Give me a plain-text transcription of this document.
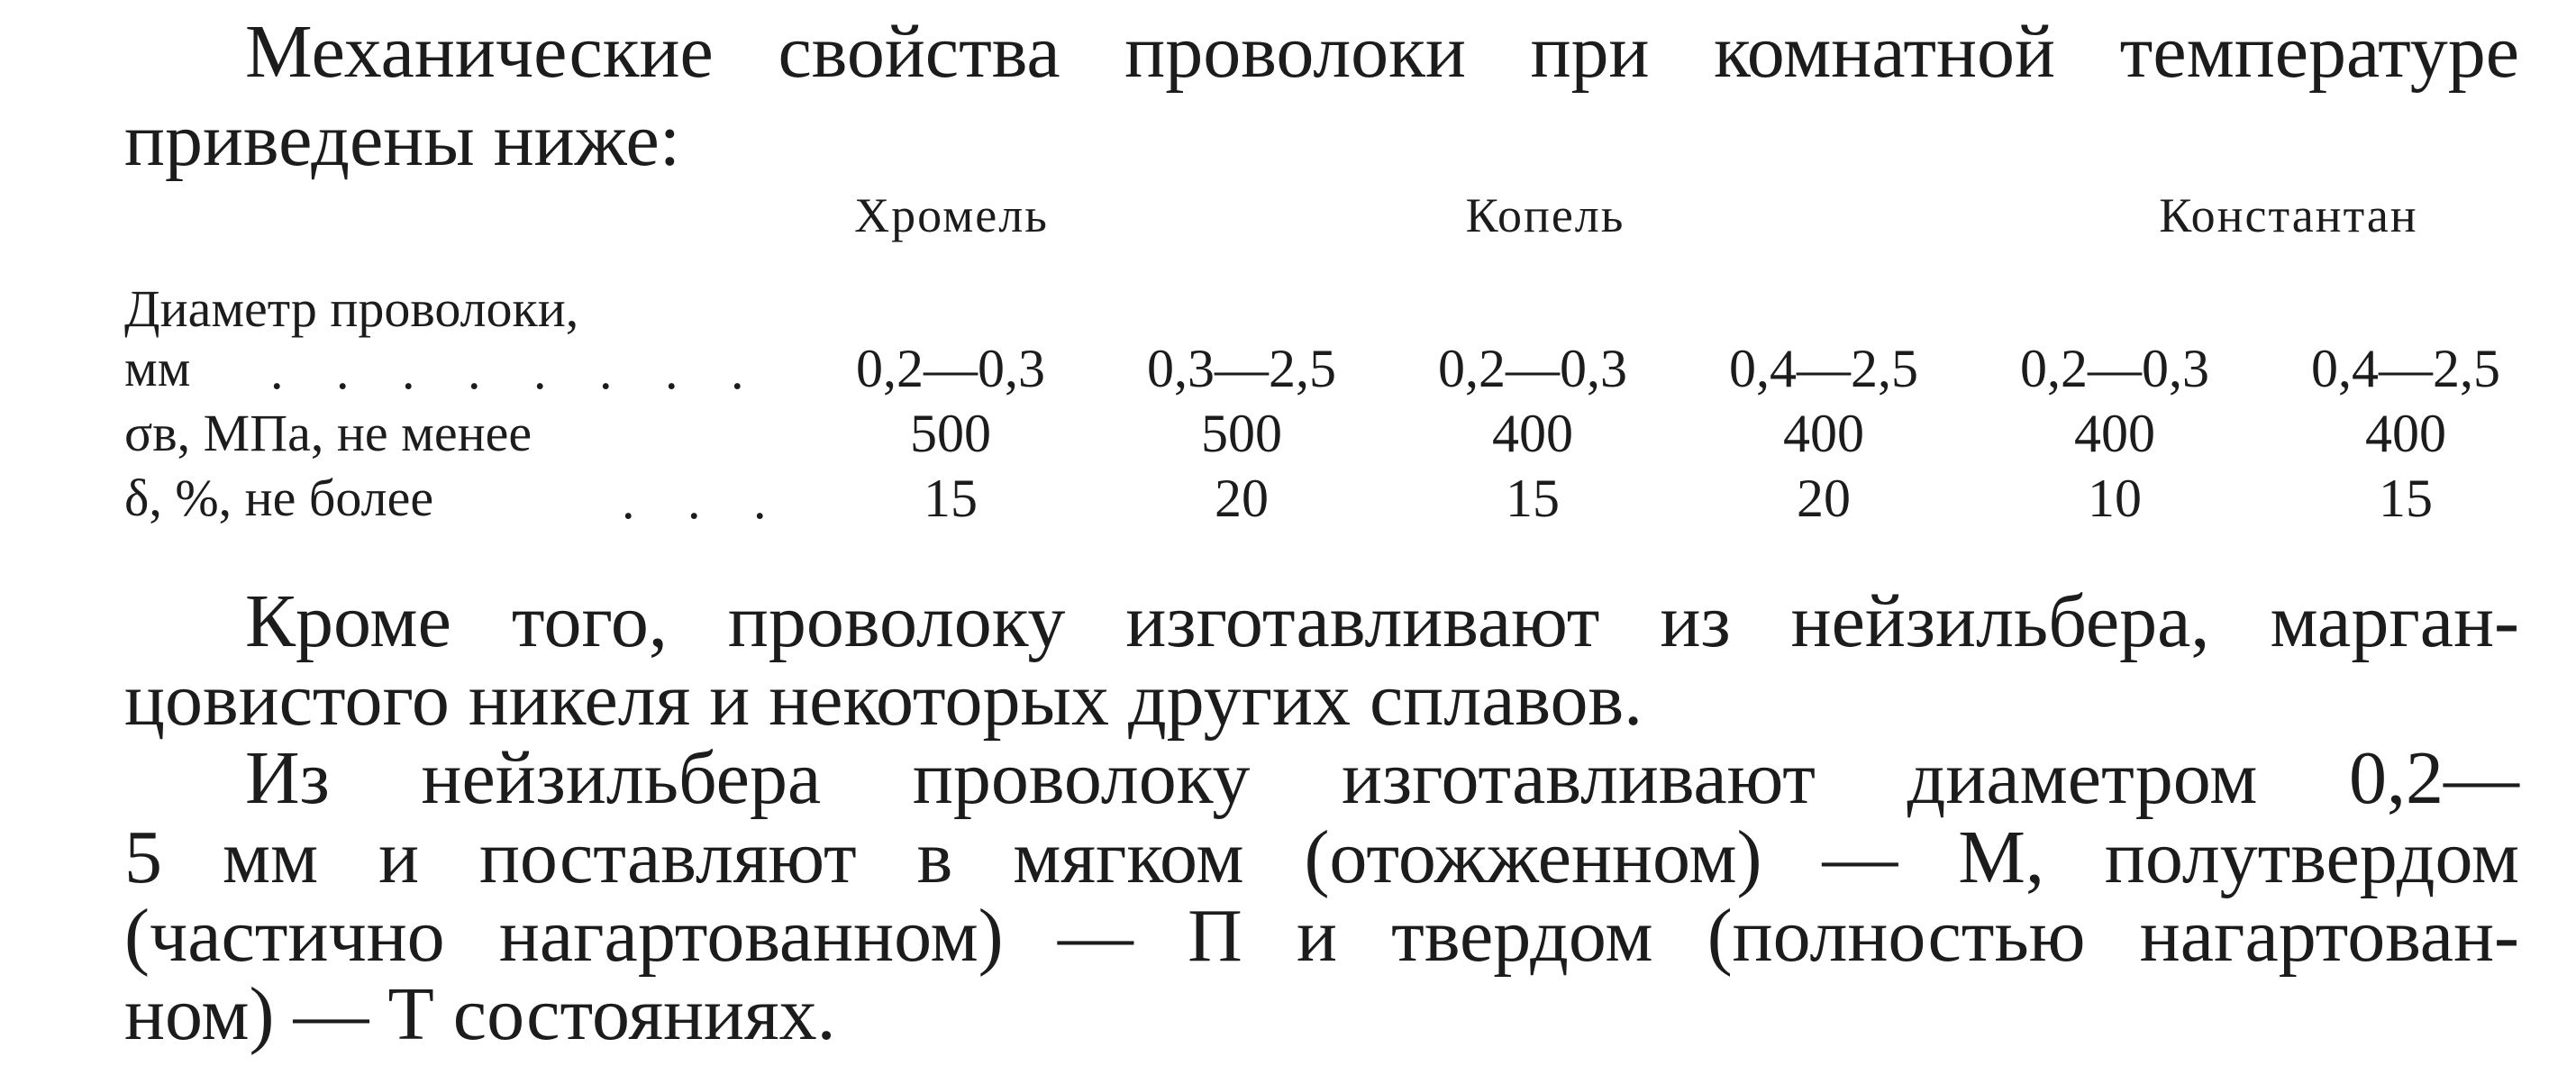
Механические свойства проволоки при комнатной температуре
приведены ниже:
Хромель	Копель	Константан
Диаметр проволоки,
мм . . . . . . . .	0,2—0,3	0,3—2,5	0,2—0,3	0,4—2,5	0,2—0,3	0,4—2,5
σв, МПа, не менее	500	500	400	400	400	400
δ, %, не более	. . .	15	20	15	20	10	15
Кроме того, проволоку изготавливают из нейзильбера, марган-
цовистого никеля и некоторых других сплавов.
Из нейзильбера проволоку изготавливают диаметром 0,2—
5 мм и поставляют в мягком (отожженном) — М, полутвердом
(частично нагартованном) — П и твердом (полностью нагартован-
ном) — Т состояниях.
